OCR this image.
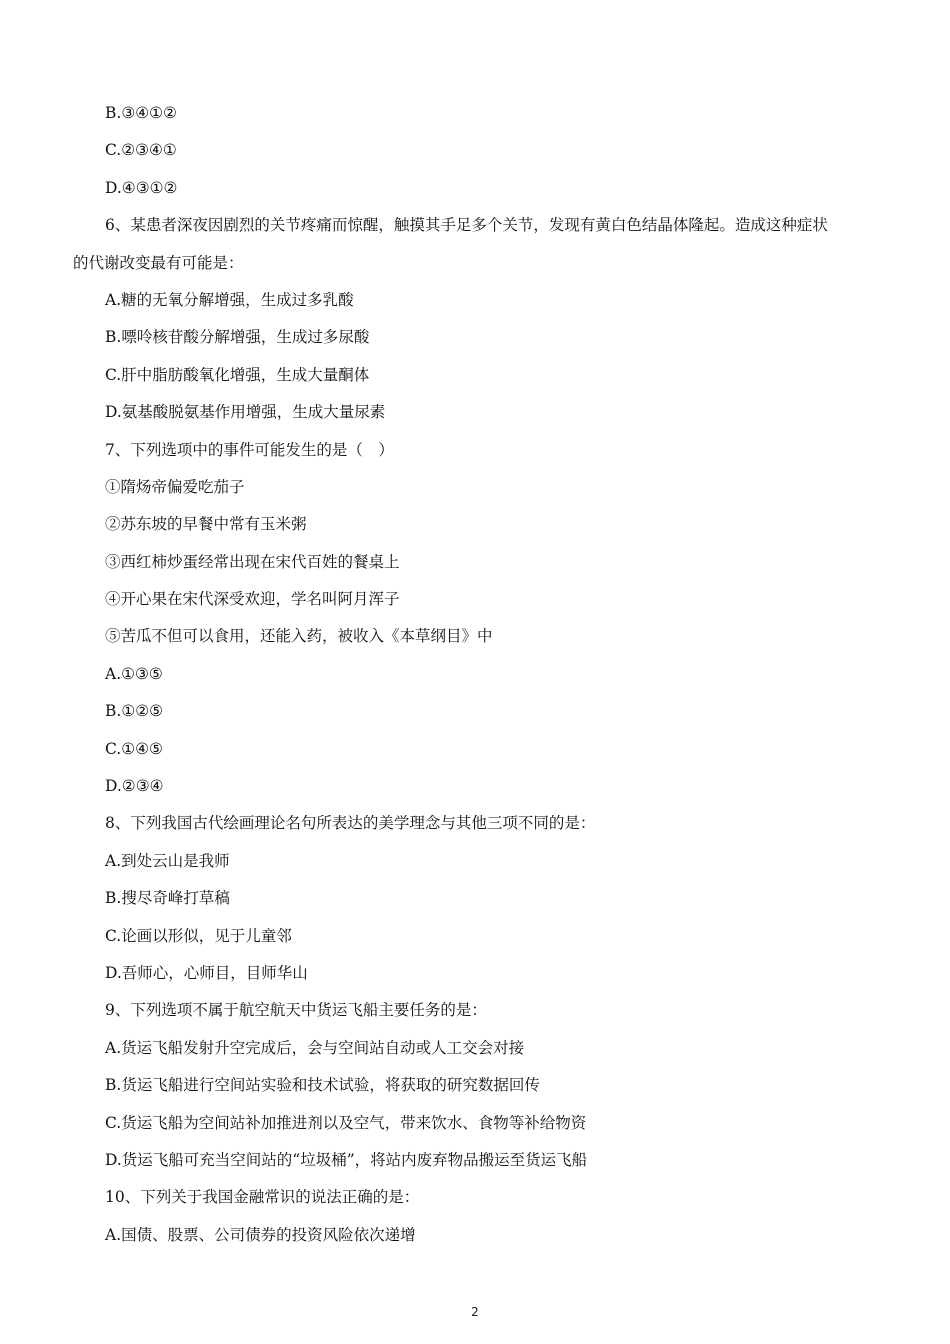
B.③④①②
C.②③④①
D.④③①②
6、某患者深夜因剧烈的关节疼痛而惊醒，触摸其手足多个关节，发现有黄白色结晶体隆起。造成这种症状
的代谢改变最有可能是：
A.糖的无氧分解增强，生成过多乳酸
B.嘌呤核苷酸分解增强，生成过多尿酸
C.肝中脂肪酸氧化增强，生成大量酮体
D.氨基酸脱氨基作用增强，生成大量尿素
7、下列选项中的事件可能发生的是（　）
①隋炀帝偏爱吃茄子
②苏东坡的早餐中常有玉米粥
③西红柿炒蛋经常出现在宋代百姓的餐桌上
④开心果在宋代深受欢迎，学名叫阿月浑子
⑤苦瓜不但可以食用，还能入药，被收入《本草纲目》中
A.①③⑤
B.①②⑤
C.①④⑤
D.②③④
8、下列我国古代绘画理论名句所表达的美学理念与其他三项不同的是：
A.到处云山是我师
B.搜尽奇峰打草稿
C.论画以形似，见于儿童邻
D.吾师心，心师目，目师华山
9、下列选项不属于航空航天中货运飞船主要任务的是：
A.货运飞船发射升空完成后，会与空间站自动或人工交会对接
B.货运飞船进行空间站实验和技术试验，将获取的研究数据回传
C.货运飞船为空间站补加推进剂以及空气，带来饮水、食物等补给物资
D.货运飞船可充当空间站的“垃圾桶”，将站内废弃物品搬运至货运飞船
10、下列关于我国金融常识的说法正确的是：
A.国债、股票、公司债券的投资风险依次递增
2
